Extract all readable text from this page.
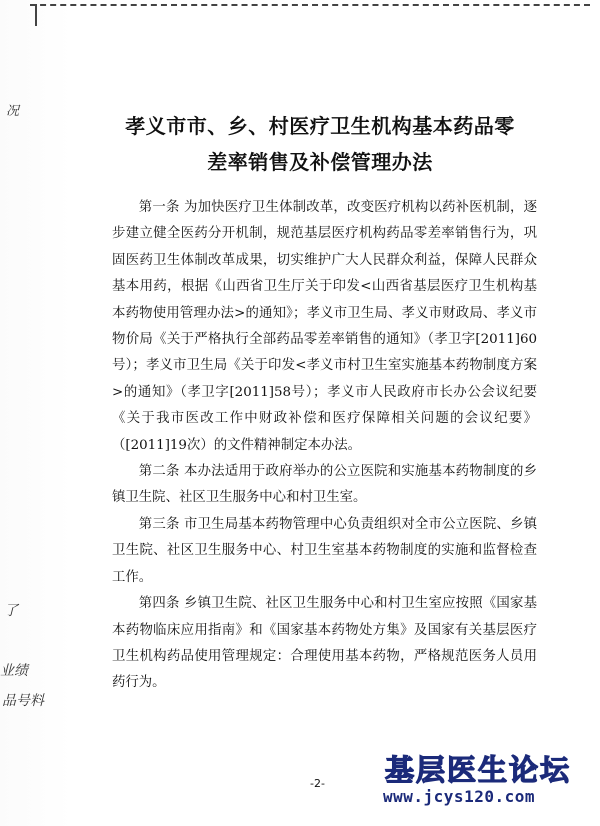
况
了
业绩
品号料
孝义市市、乡、村医疗卫生机构基本药品零
差率销售及补偿管理办法

第一条 为加快医疗卫生体制改革，改变医疗机构以药补医机制，逐步建立健全医药分开机制，规范基层医疗机构药品零差率销售行为，巩固医药卫生体制改革成果，切实维护广大人民群众利益，保障人民群众基本用药，根据《山西省卫生厅关于印发<山西省基层医疗卫生机构基本药物使用管理办法>的通知》；孝义市卫生局、孝义市财政局、孝义市物价局《关于严格执行全部药品零差率销售的通知》（孝卫字[2011]60号）；孝义市卫生局《关于印发<孝义市村卫生室实施基本药物制度方案>的通知》（孝卫字[2011]58号）；孝义市人民政府市长办公会议纪要《关于我市医改工作中财政补偿和医疗保障相关问题的会议纪要》（[2011]19次）的文件精神制定本办法。

第二条 本办法适用于政府举办的公立医院和实施基本药物制度的乡镇卫生院、社区卫生服务中心和村卫生室。

第三条 市卫生局基本药物管理中心负责组织对全市公立医院、乡镇卫生院、社区卫生服务中心、村卫生室基本药物制度的实施和监督检查工作。

第四条 乡镇卫生院、社区卫生服务中心和村卫生室应按照《国家基本药物临床应用指南》和《国家基本药物处方集》及国家有关基层医疗卫生机构药品使用管理规定：合理使用基本药物，严格规范医务人员用药行为。

-2-	基层医生论坛
www.jcys120.com
